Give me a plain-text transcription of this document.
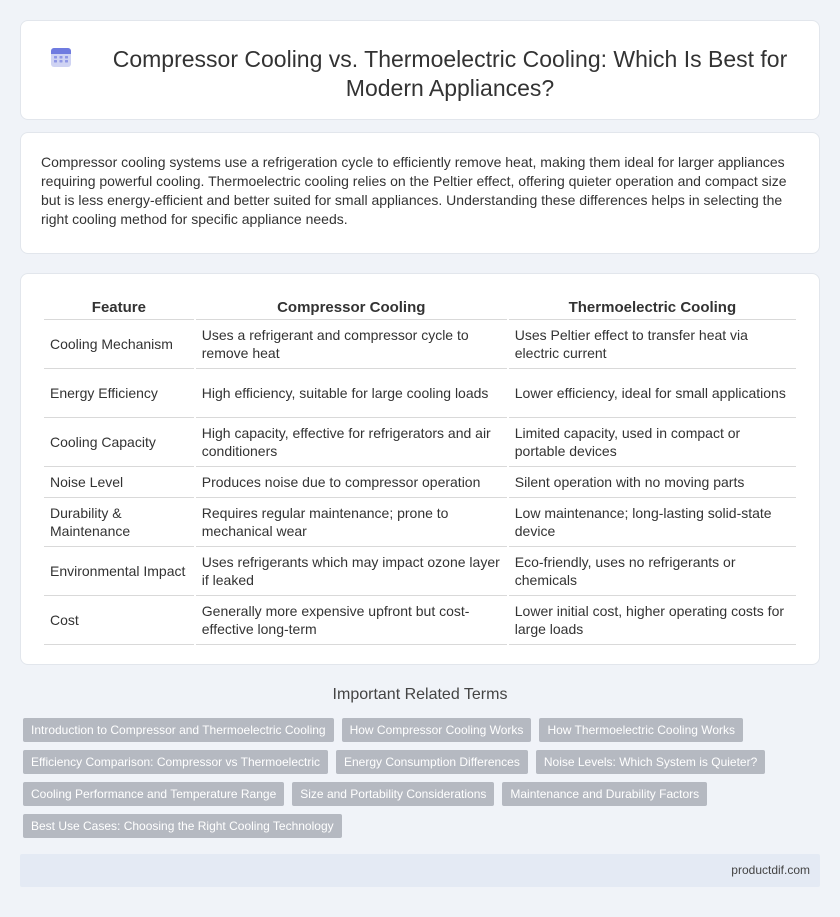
Compressor Cooling vs. Thermoelectric Cooling: Which Is Best for Modern Appliances?

Compressor cooling systems use a refrigeration cycle to efficiently remove heat, making them ideal for larger appliances requiring powerful cooling. Thermoelectric cooling relies on the Peltier effect, offering quieter operation and compact size but is less energy-efficient and better suited for small appliances. Understanding these differences helps in selecting the right cooling method for specific appliance needs.

Feature	Compressor Cooling	Thermoelectric Cooling
Cooling Mechanism	Uses a refrigerant and compressor cycle to remove heat	Uses Peltier effect to transfer heat via electric current
Energy Efficiency	High efficiency, suitable for large cooling loads	Lower efficiency, ideal for small applications
Cooling Capacity	High capacity, effective for refrigerators and air conditioners	Limited capacity, used in compact or portable devices
Noise Level	Produces noise due to compressor operation	Silent operation with no moving parts
Durability & Maintenance	Requires regular maintenance; prone to mechanical wear	Low maintenance; long-lasting solid-state device
Environmental Impact	Uses refrigerants which may impact ozone layer if leaked	Eco-friendly, uses no refrigerants or chemicals
Cost	Generally more expensive upfront but cost-effective long-term	Lower initial cost, higher operating costs for large loads
Important Related Terms
Introduction to Compressor and Thermoelectric Cooling	How Compressor Cooling Works	How Thermoelectric Cooling Works
Efficiency Comparison: Compressor vs Thermoelectric	Energy Consumption Differences	Noise Levels: Which System is Quieter?
Cooling Performance and Temperature Range	Size and Portability Considerations	Maintenance and Durability Factors
Best Use Cases: Choosing the Right Cooling Technology
productdif.com
